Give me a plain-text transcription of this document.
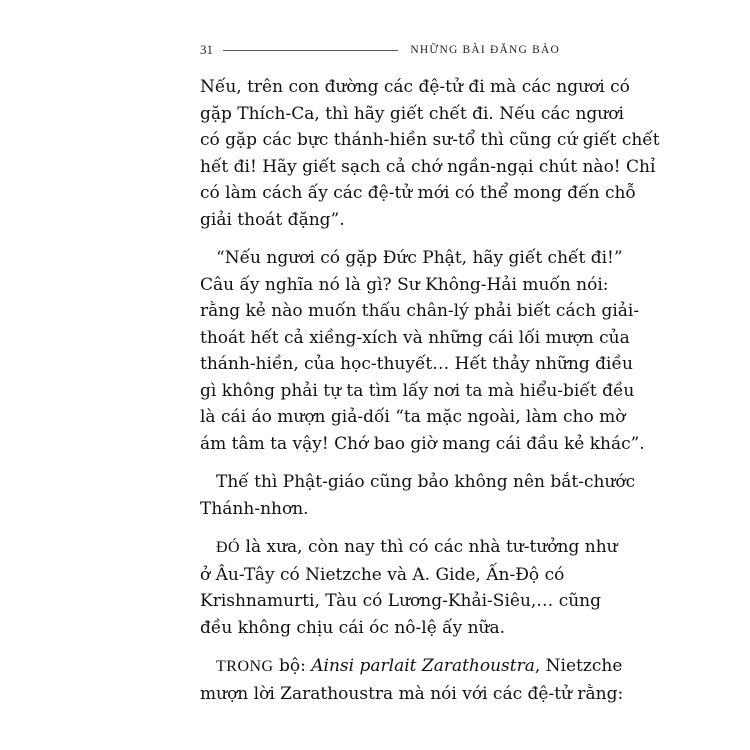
31	NHỮNG BÀI ĐĂNG BẢO

Nếu, trên con đường các đệ-tử đi mà các ngươi có
gặp Thích-Ca, thì hãy giết chết đi. Nếu các ngươi
có gặp các bực thánh-hiền sư-tổ thì cũng cứ giết chết
hết đi! Hãy giết sạch cả chớ ngần-ngại chút nào! Chỉ
có làm cách ấy các đệ-tử mới có thể mong đến chỗ
giải thoát đặng”.

“Nếu ngươi có gặp Đức Phật, hãy giết chết đi!”
Câu ấy nghĩa nó là gì? Sư Không-Hải muốn nói:
rằng kẻ nào muốn thấu chân-lý phải biết cách giải-
thoát hết cả xiềng-xích và những cái lối mượn của
thánh-hiền, của học-thuyết… Hết thảy những điều
gì không phải tự ta tìm lấy nơi ta mà hiểu-biết đều
là cái áo mượn giả-dối “ta mặc ngoài, làm cho mờ
ám tâm ta vậy! Chớ bao giờ mang cái đầu kẻ khác”.

Thế thì Phật-giáo cũng bảo không nên bắt-chước
Thánh-nhơn.

ĐÓ là xưa, còn nay thì có các nhà tư-tưởng như
ở Âu-Tây có Nietzche và A. Gide, Ấn-Độ có
Krishnamurti, Tàu có Lương-Khải-Siêu,… cũng
đều không chịu cái óc nô-lệ ấy nữa.

TRONG bộ: Ainsi parlait Zarathoustra, Nietzche
mượn lời Zarathoustra mà nói với các đệ-tử rằng:
